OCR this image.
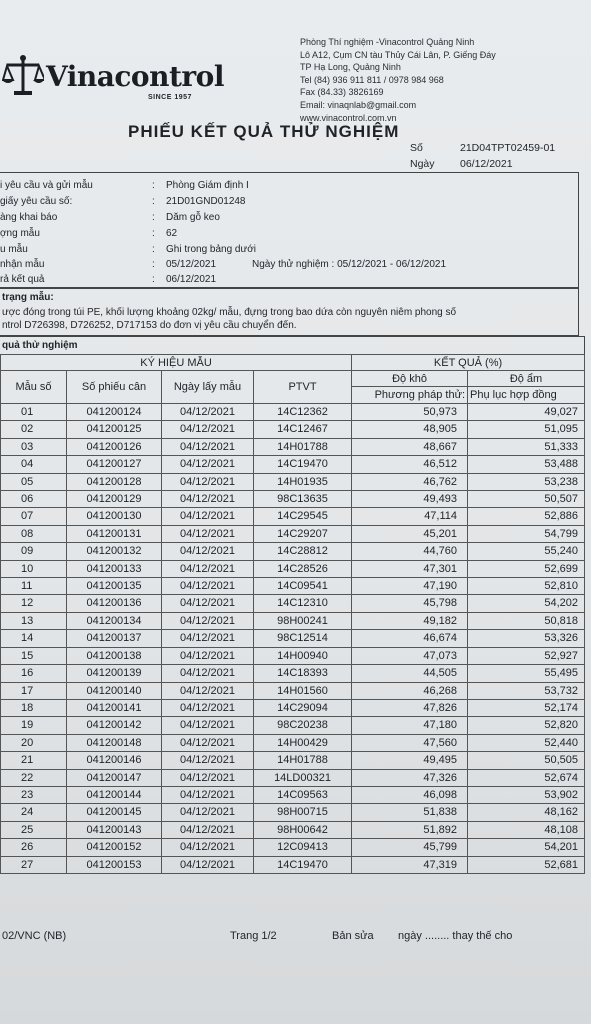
Vinacontrol
SINCE 1957
Phòng Thí nghiệm -Vinacontrol Quảng Ninh
Lô A12, Cụm CN tàu Thủy Cái Lân, P. Giếng Đáy
TP Hạ Long, Quảng Ninh
Tel (84) 936 911 811 / 0978 984 968
Fax (84.33) 3826169
Email: vinaqnlab@gmail.com
www.vinacontrol.com.vn
PHIẾU KẾT QUẢ THỬ NGHIỆM
Số	21D04TPT02459-01
Ngày 06/12/2021
i yêu cầu và gửi mẫu	: Phòng Giám định I
giấy yêu cầu số:	: 21D01GND01248
àng khai báo	: Dăm gỗ keo
ợng mẫu	: 62
u mẫu	: Ghi trong bảng dưới
nhận mẫu	: 05/12/2021	Ngày thử nghiệm : 05/12/2021 - 06/12/2021
rả kết quả	: 06/12/2021
trạng mẫu:
ược đóng trong túi PE, khối lượng khoảng 02kg/ mẫu, đựng trong bao dứa còn nguyên niêm phong số
ntrol D726398, D726252, D717153 do đơn vị yêu cầu chuyển đến.
quả thử nghiệm
KÝ HIỆU MẪU				KẾT QUẢ (%)	
Mẫu số	Số phiếu cân	Ngày lấy mẫu	PTVT	Độ khô	Độ ẩm
				Phương pháp thử:	Phụ lục hợp đồng
01	041200124	04/12/2021	14C12362	50,973	49,027
02	041200125	04/12/2021	14C12467	48,905	51,095
03	041200126	04/12/2021	14H01788	48,667	51,333
04	041200127	04/12/2021	14C19470	46,512	53,488
05	041200128	04/12/2021	14H01935	46,762	53,238
06	041200129	04/12/2021	98C13635	49,493	50,507
07	041200130	04/12/2021	14C29545	47,114	52,886
08	041200131	04/12/2021	14C29207	45,201	54,799
09	041200132	04/12/2021	14C28812	44,760	55,240
10	041200133	04/12/2021	14C28526	47,301	52,699
11	041200135	04/12/2021	14C09541	47,190	52,810
12	041200136	04/12/2021	14C12310	45,798	54,202
13	041200134	04/12/2021	98H00241	49,182	50,818
14	041200137	04/12/2021	98C12514	46,674	53,326
15	041200138	04/12/2021	14H00940	47,073	52,927
16	041200139	04/12/2021	14C18393	44,505	55,495
17	041200140	04/12/2021	14H01560	46,268	53,732
18	041200141	04/12/2021	14C29094	47,826	52,174
19	041200142	04/12/2021	98C20238	47,180	52,820
20	041200148	04/12/2021	14H00429	47,560	52,440
21	041200146	04/12/2021	14H01788	49,495	50,505
22	041200147	04/12/2021	14LD00321	47,326	52,674
23	041200144	04/12/2021	14C09563	46,098	53,902
24	041200145	04/12/2021	98H00715	51,838	48,162
25	041200143	04/12/2021	98H00642	51,892	48,108
26	041200152	04/12/2021	12C09413	45,799	54,201
27	041200153	04/12/2021	14C19470	47,319	52,681
02/VNC (NB)	Trang 1/2	Bản sửa ngày ........ thay thế cho
